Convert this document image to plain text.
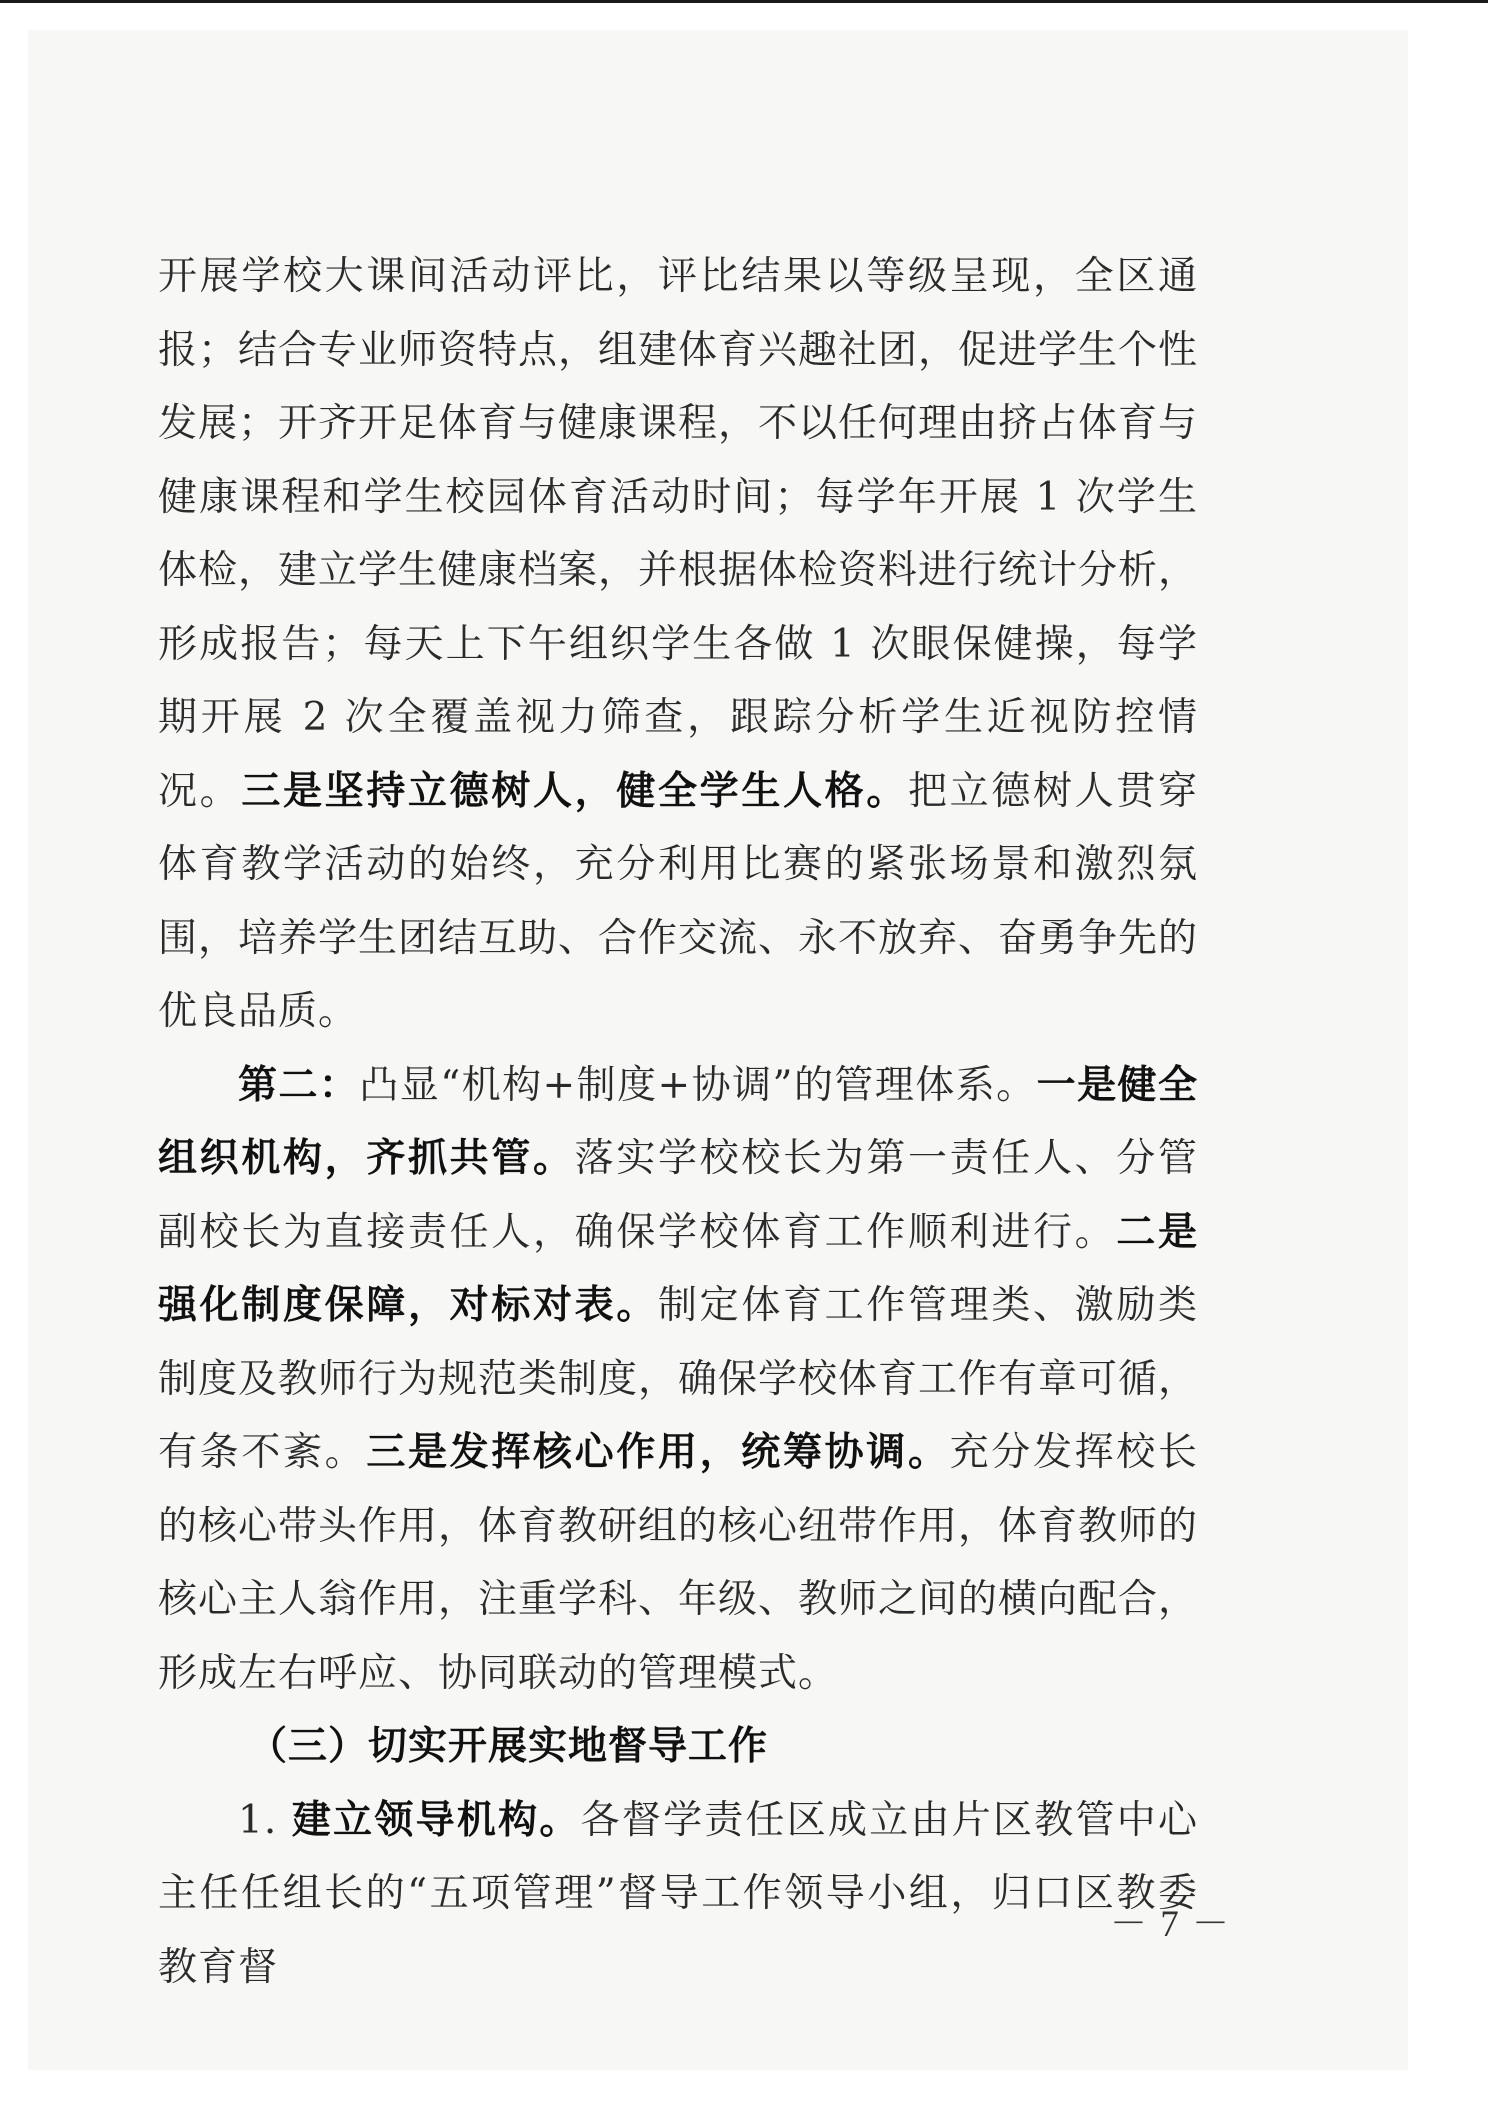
开展学校大课间活动评比，评比结果以等级呈现，全区通报；结合专业师资特点，组建体育兴趣社团，促进学生个性发展；开齐开足体育与健康课程，不以任何理由挤占体育与健康课程和学生校园体育活动时间；每学年开展 1 次学生体检，建立学生健康档案，并根据体检资料进行统计分析，形成报告；每天上下午组织学生各做 1 次眼保健操，每学期开展 2 次全覆盖视力筛查，跟踪分析学生近视防控情况。三是坚持立德树人，健全学生人格。把立德树人贯穿体育教学活动的始终，充分利用比赛的紧张场景和激烈氛围，培养学生团结互助、合作交流、永不放弃、奋勇争先的优良品质。

第二：凸显“机构+制度+协调”的管理体系。一是健全组织机构，齐抓共管。落实学校校长为第一责任人、分管副校长为直接责任人，确保学校体育工作顺利进行。二是强化制度保障，对标对表。制定体育工作管理类、激励类制度及教师行为规范类制度，确保学校体育工作有章可循，有条不紊。三是发挥核心作用，统筹协调。充分发挥校长的核心带头作用，体育教研组的核心纽带作用，体育教师的核心主人翁作用，注重学科、年级、教师之间的横向配合，形成左右呼应、协同联动的管理模式。

（三）切实开展实地督导工作

1. 建立领导机构。各督学责任区成立由片区教管中心主任任组长的“五项管理”督导工作领导小组，归口区教委教育督

－ 7 －
